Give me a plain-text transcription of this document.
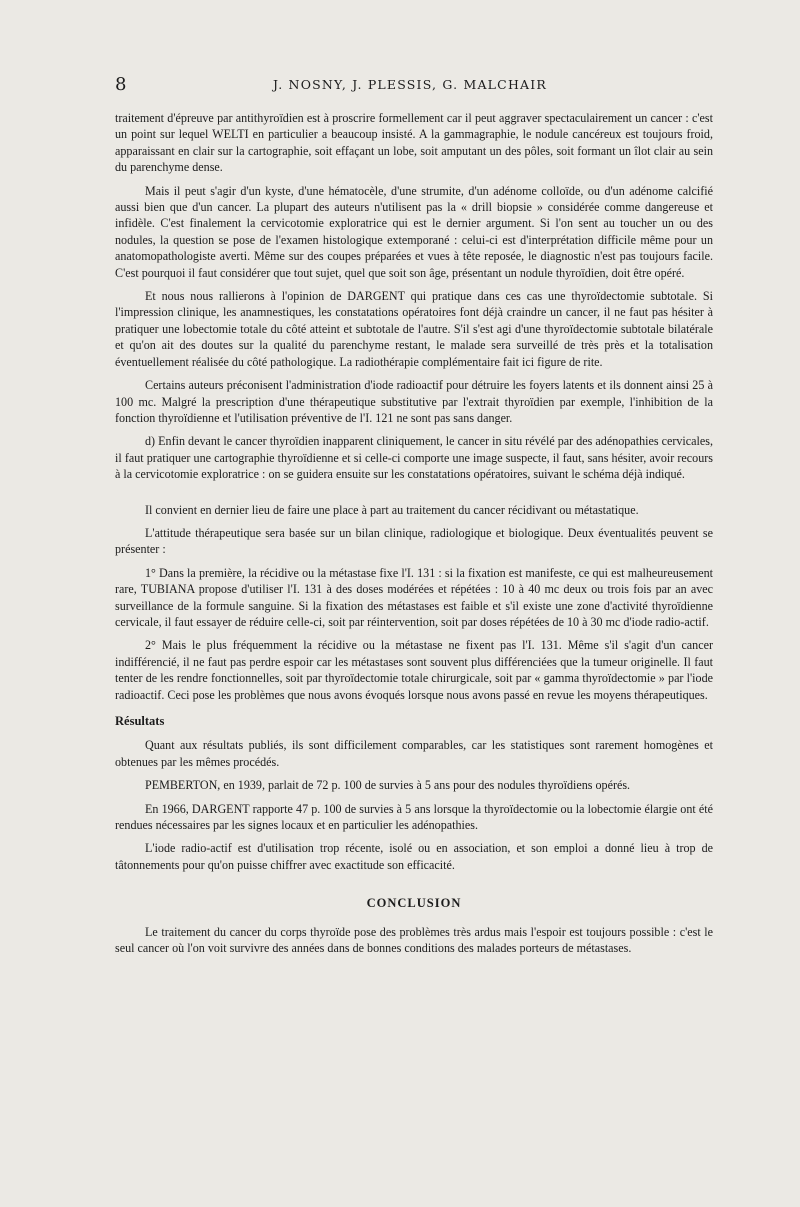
8	J. NOSNY, J. PLESSIS, G. MALCHAIR

traitement d'épreuve par antithyroïdien est à proscrire formellement car il peut aggraver spectaculairement un cancer : c'est un point sur lequel WELTI en particulier a beaucoup insisté. A la gammagraphie, le nodule cancéreux est toujours froid, apparaissant en clair sur la cartographie, soit effaçant un lobe, soit amputant un des pôles, soit formant un îlot clair au sein du parenchyme dense.

Mais il peut s'agir d'un kyste, d'une hématocèle, d'une strumite, d'un adénome colloïde, ou d'un adénome calcifié aussi bien que d'un cancer. La plupart des auteurs n'utilisent pas la « drill biopsie » considérée comme dangereuse et infidèle. C'est finalement la cervicotomie exploratrice qui est le dernier argument. Si l'on sent au toucher un ou des nodules, la question se pose de l'examen histologique extemporané : celui-ci est d'interprétation difficile même pour un anatomopathologiste averti. Même sur des coupes préparées et vues à tête reposée, le diagnostic n'est pas toujours facile. C'est pourquoi il faut considérer que tout sujet, quel que soit son âge, présentant un nodule thyroïdien, doit être opéré.

Et nous nous rallierons à l'opinion de DARGENT qui pratique dans ces cas une thyroïdectomie subtotale. Si l'impression clinique, les anamnestiques, les constatations opératoires font déjà craindre un cancer, il ne faut pas hésiter à pratiquer une lobectomie totale du côté atteint et subtotale de l'autre. S'il s'est agi d'une thyroïdectomie subtotale bilatérale et qu'on ait des doutes sur la qualité du parenchyme restant, le malade sera surveillé de très près et la totalisation éventuellement réalisée du côté pathologique. La radiothérapie complémentaire fait ici figure de rite.

Certains auteurs préconisent l'administration d'iode radioactif pour détruire les foyers latents et ils donnent ainsi 25 à 100 mc. Malgré la prescription d'une thérapeutique substitutive par l'extrait thyroïdien par exemple, l'inhibition de la fonction thyroïdienne et l'utilisation préventive de l'I. 121 ne sont pas sans danger.

d) Enfin devant le cancer thyroïdien inapparent cliniquement, le cancer in situ révélé par des adénopathies cervicales, il faut pratiquer une cartographie thyroïdienne et si celle-ci comporte une image suspecte, il faut, sans hésiter, avoir recours à la cervicotomie exploratrice : on se guidera ensuite sur les constatations opératoires, suivant le schéma déjà indiqué.

Il convient en dernier lieu de faire une place à part au traitement du cancer récidivant ou métastatique.

L'attitude thérapeutique sera basée sur un bilan clinique, radiologique et biologique. Deux éventualités peuvent se présenter :

1° Dans la première, la récidive ou la métastase fixe l'I. 131 : si la fixation est manifeste, ce qui est malheureusement rare, TUBIANA propose d'utiliser l'I. 131 à des doses modérées et répétées : 10 à 40 mc deux ou trois fois par an avec surveillance de la formule sanguine. Si la fixation des métastases est faible et s'il existe une zone d'activité thyroïdienne cervicale, il faut essayer de réduire celle-ci, soit par réintervention, soit par doses répétées de 10 à 30 mc d'iode radio-actif.

2° Mais le plus fréquemment la récidive ou la métastase ne fixent pas l'I. 131. Même s'il s'agit d'un cancer indifférencié, il ne faut pas perdre espoir car les métastases sont souvent plus différenciées que la tumeur originelle. Il faut tenter de les rendre fonctionnelles, soit par thyroïdectomie totale chirurgicale, soit par « gamma thyroïdectomie » par l'iode radioactif. Ceci pose les problèmes que nous avons évoqués lorsque nous avons passé en revue les moyens thérapeutiques.

Résultats

Quant aux résultats publiés, ils sont difficilement comparables, car les statistiques sont rarement homogènes et obtenues par les mêmes procédés.

PEMBERTON, en 1939, parlait de 72 p. 100 de survies à 5 ans pour des nodules thyroïdiens opérés.

En 1966, DARGENT rapporte 47 p. 100 de survies à 5 ans lorsque la thyroïdectomie ou la lobectomie élargie ont été rendues nécessaires par les signes locaux et en particulier les adénopathies.

L'iode radio-actif est d'utilisation trop récente, isolé ou en association, et son emploi a donné lieu à trop de tâtonnements pour qu'on puisse chiffrer avec exactitude son efficacité.

CONCLUSION

Le traitement du cancer du corps thyroïde pose des problèmes très ardus mais l'espoir est toujours possible : c'est le seul cancer où l'on voit survivre des années dans de bonnes conditions des malades porteurs de métastases.
